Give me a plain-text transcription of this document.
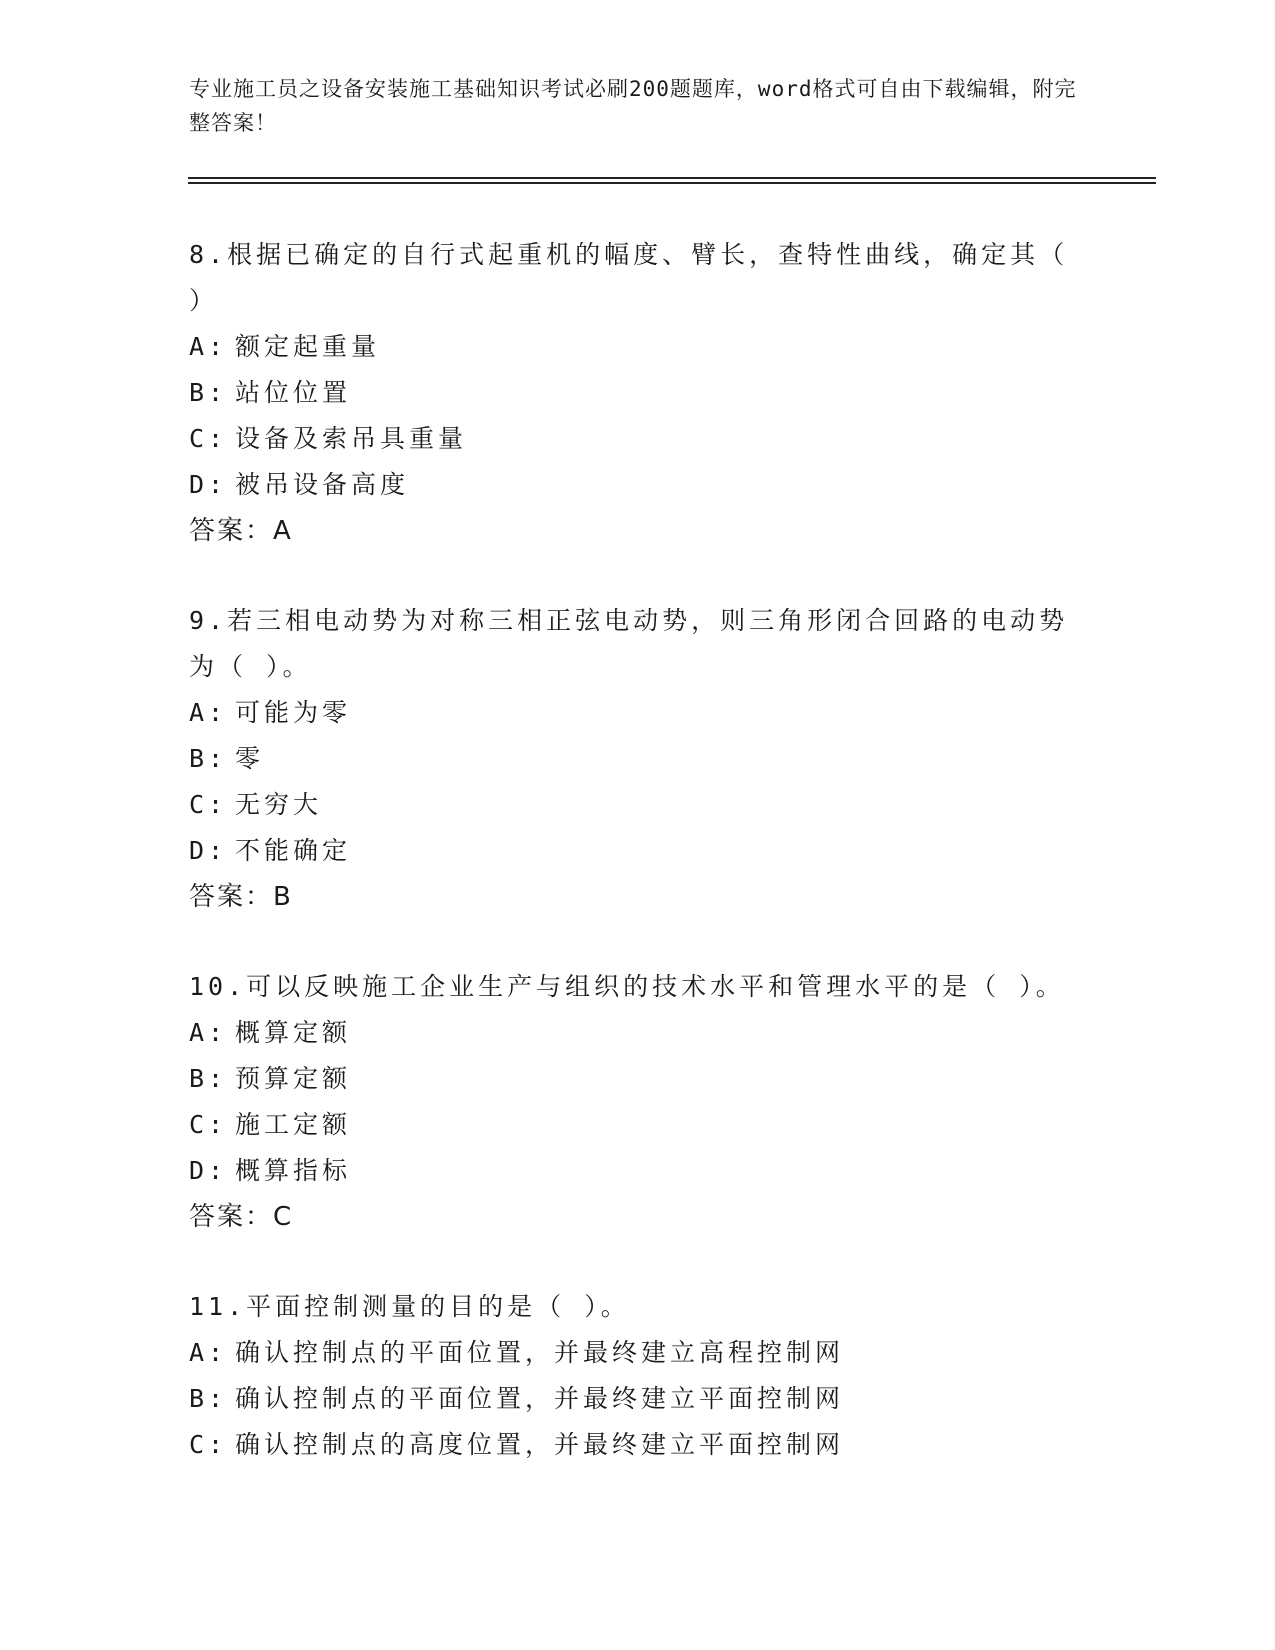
专业施工员之设备安装施工基础知识考试必刷200题题库，word格式可自由下载编辑，附完整答案！
8.根据已确定的自行式起重机的幅度、臂长，查特性曲线，确定其（ ）
A: 额定起重量
B: 站位位置
C: 设备及索吊具重量
D: 被吊设备高度
答案：A
9.若三相电动势为对称三相正弦电动势，则三角形闭合回路的电动势为（ ）。
A: 可能为零
B: 零
C: 无穷大
D: 不能确定
答案：B
10.可以反映施工企业生产与组织的技术水平和管理水平的是（ ）。
A: 概算定额
B: 预算定额
C: 施工定额
D: 概算指标
答案：C
11.平面控制测量的目的是（ ）。
A: 确认控制点的平面位置，并最终建立高程控制网
B: 确认控制点的平面位置，并最终建立平面控制网
C: 确认控制点的高度位置，并最终建立平面控制网
